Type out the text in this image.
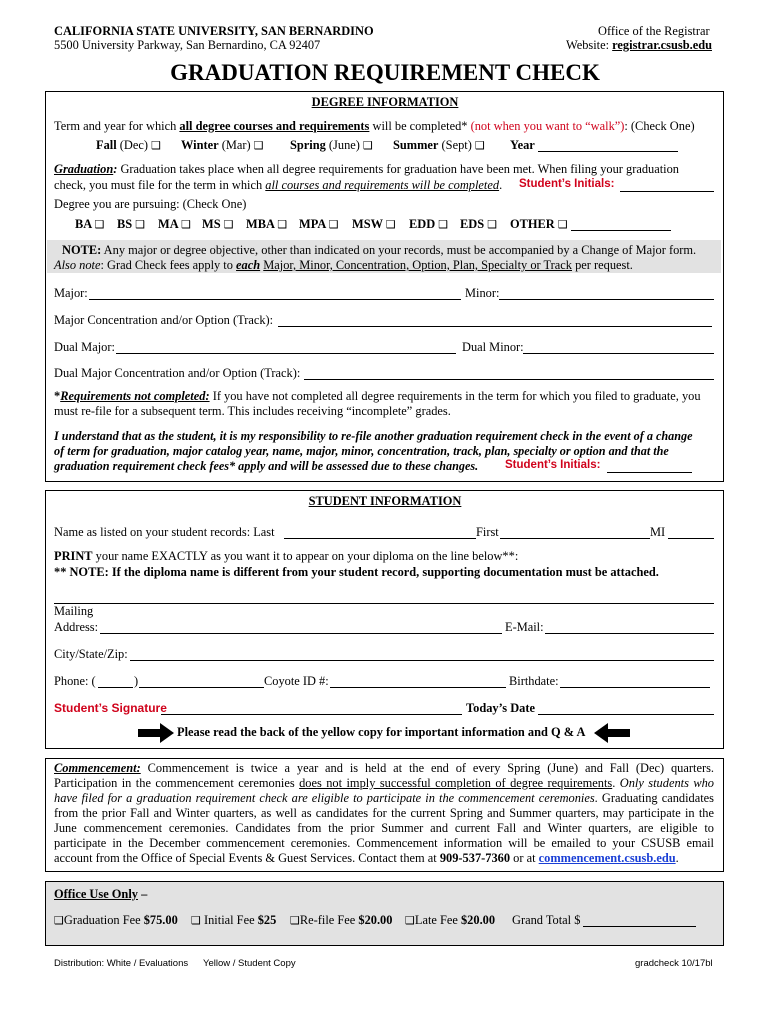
CALIFORNIA STATE UNIVERSITY, SAN BERNARDINO
5500 University Parkway, San Bernardino, CA 92407
Office of the Registrar
Website: registrar.csusb.edu
GRADUATION REQUIREMENT CHECK
DEGREE INFORMATION
Term and year for which all degree courses and requirements will be completed* (not when you want to “walk”): (Check One)
Fall (Dec) ❑ Winter (Mar) ❑ Spring (June) ❑ Summer (Sept) ❑ Year
Graduation: Graduation takes place when all degree requirements for graduation have been met. When filing your graduation
check, you must file for the term in which all courses and requirements will be completed. Student’s Initials:
Degree you are pursuing: (Check One)
BA ❑ BS ❑ MA ❑ MS ❑ MBA ❑ MPA ❑ MSW ❑ EDD ❑ EDS ❑ OTHER ❑
NOTE: Any major or degree objective, other than indicated on your records, must be accompanied by a Change of Major form.
Also note: Grad Check fees apply to each Major, Minor, Concentration, Option, Plan, Specialty or Track per request.
Major:	Minor:
Major Concentration and/or Option (Track):
Dual Major:	Dual Minor:
Dual Major Concentration and/or Option (Track):
*Requirements not completed: If you have not completed all degree requirements in the term for which you filed to graduate, you
must re-file for a subsequent term. This includes receiving “incomplete” grades.
I understand that as the student, it is my responsibility to re-file another graduation requirement check in the event of a change
of term for graduation, major catalog year, name, major, minor, concentration, track, plan, specialty or option and that the
graduation requirement check fees* apply and will be assessed due to these changes. Student’s Initials:
STUDENT INFORMATION
Name as listed on your student records: Last	First	MI
PRINT your name EXACTLY as you want it to appear on your diploma on the line below**:
** NOTE: If the diploma name is different from your student record, supporting documentation must be attached.
Mailing
Address:	E-Mail:
City/State/Zip:
Phone: (	)	Coyote ID #:	Birthdate:
Student’s Signature	Today’s Date
Please read the back of the yellow copy for important information and Q & A
Commencement: Commencement is twice a year and is held at the end of every Spring (June) and Fall (Dec) quarters.
Participation in the commencement ceremonies does not imply successful completion of degree requirements. Only students who
have filed for a graduation requirement check are eligible to participate in the commencement ceremonies. Graduating candidates
from the prior Fall and Winter quarters, as well as candidates for the current Spring and Summer quarters, may participate in the
June commencement ceremonies. Candidates from the prior Summer and current Fall and Winter quarters, are eligible to
participate in the December commencement ceremonies. Commencement information will be emailed to your CSUSB email
account from the Office of Special Events & Guest Services. Contact them at 909-537-7360 or at commencement.csusb.edu.
Office Use Only –
❑Graduation Fee $75.00 ❑ Initial Fee $25 ❑Re-file Fee $20.00 ❑Late Fee $20.00 Grand Total $
Distribution: White / Evaluations Yellow / Student Copy	gradcheck 10/17bl
